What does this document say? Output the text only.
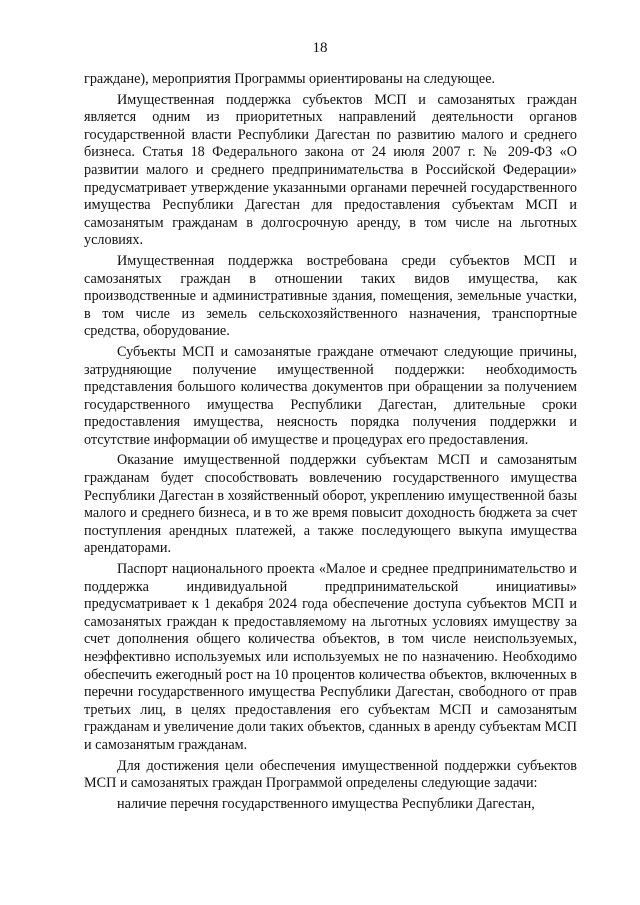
18

граждане), мероприятия Программы ориентированы на следующее.

Имущественная поддержка субъектов МСП и самозанятых граждан является одним из приоритетных направлений деятельности органов государственной власти Республики Дагестан по развитию малого и среднего бизнеса. Статья 18 Федерального закона от 24 июля 2007 г. № 209-ФЗ «О развитии малого и среднего предпринимательства в Российской Федерации» предусматривает утверждение указанными органами перечней государственного имущества Республики Дагестан для предоставления субъектам МСП и самозанятым гражданам в долгосрочную аренду, в том числе на льготных условиях.

Имущественная поддержка востребована среди субъектов МСП и самозанятых граждан в отношении таких видов имущества, как производственные и административные здания, помещения, земельные участки, в том числе из земель сельскохозяйственного назначения, транспортные средства, оборудование.

Субъекты МСП и самозанятые граждане отмечают следующие причины, затрудняющие получение имущественной поддержки: необходимость представления большого количества документов при обращении за получением государственного имущества Республики Дагестан, длительные сроки предоставления имущества, неясность порядка получения поддержки и отсутствие информации об имуществе и процедурах его предоставления.

Оказание имущественной поддержки субъектам МСП и самозанятым гражданам будет способствовать вовлечению государственного имущества Республики Дагестан в хозяйственный оборот, укреплению имущественной базы малого и среднего бизнеса, и в то же время повысит доходность бюджета за счет поступления арендных платежей, а также последующего выкупа имущества арендаторами.

Паспорт национального проекта «Малое и среднее предпринимательство и поддержка индивидуальной предпринимательской инициативы» предусматривает к 1 декабря 2024 года обеспечение доступа субъектов МСП и самозанятых граждан к предоставляемому на льготных условиях имуществу за счет дополнения общего количества объектов, в том числе неиспользуемых, неэффективно используемых или используемых не по назначению. Необходимо обеспечить ежегодный рост на 10 процентов количества объектов, включенных в перечни государственного имущества Республики Дагестан, свободного от прав третьих лиц, в целях предоставления его субъектам МСП и самозанятым гражданам и увеличение доли таких объектов, сданных в аренду субъектам МСП и самозанятым гражданам.

Для достижения цели обеспечения имущественной поддержки субъектов МСП и самозанятых граждан Программой определены следующие задачи:

наличие перечня государственного имущества Республики Дагестан,
